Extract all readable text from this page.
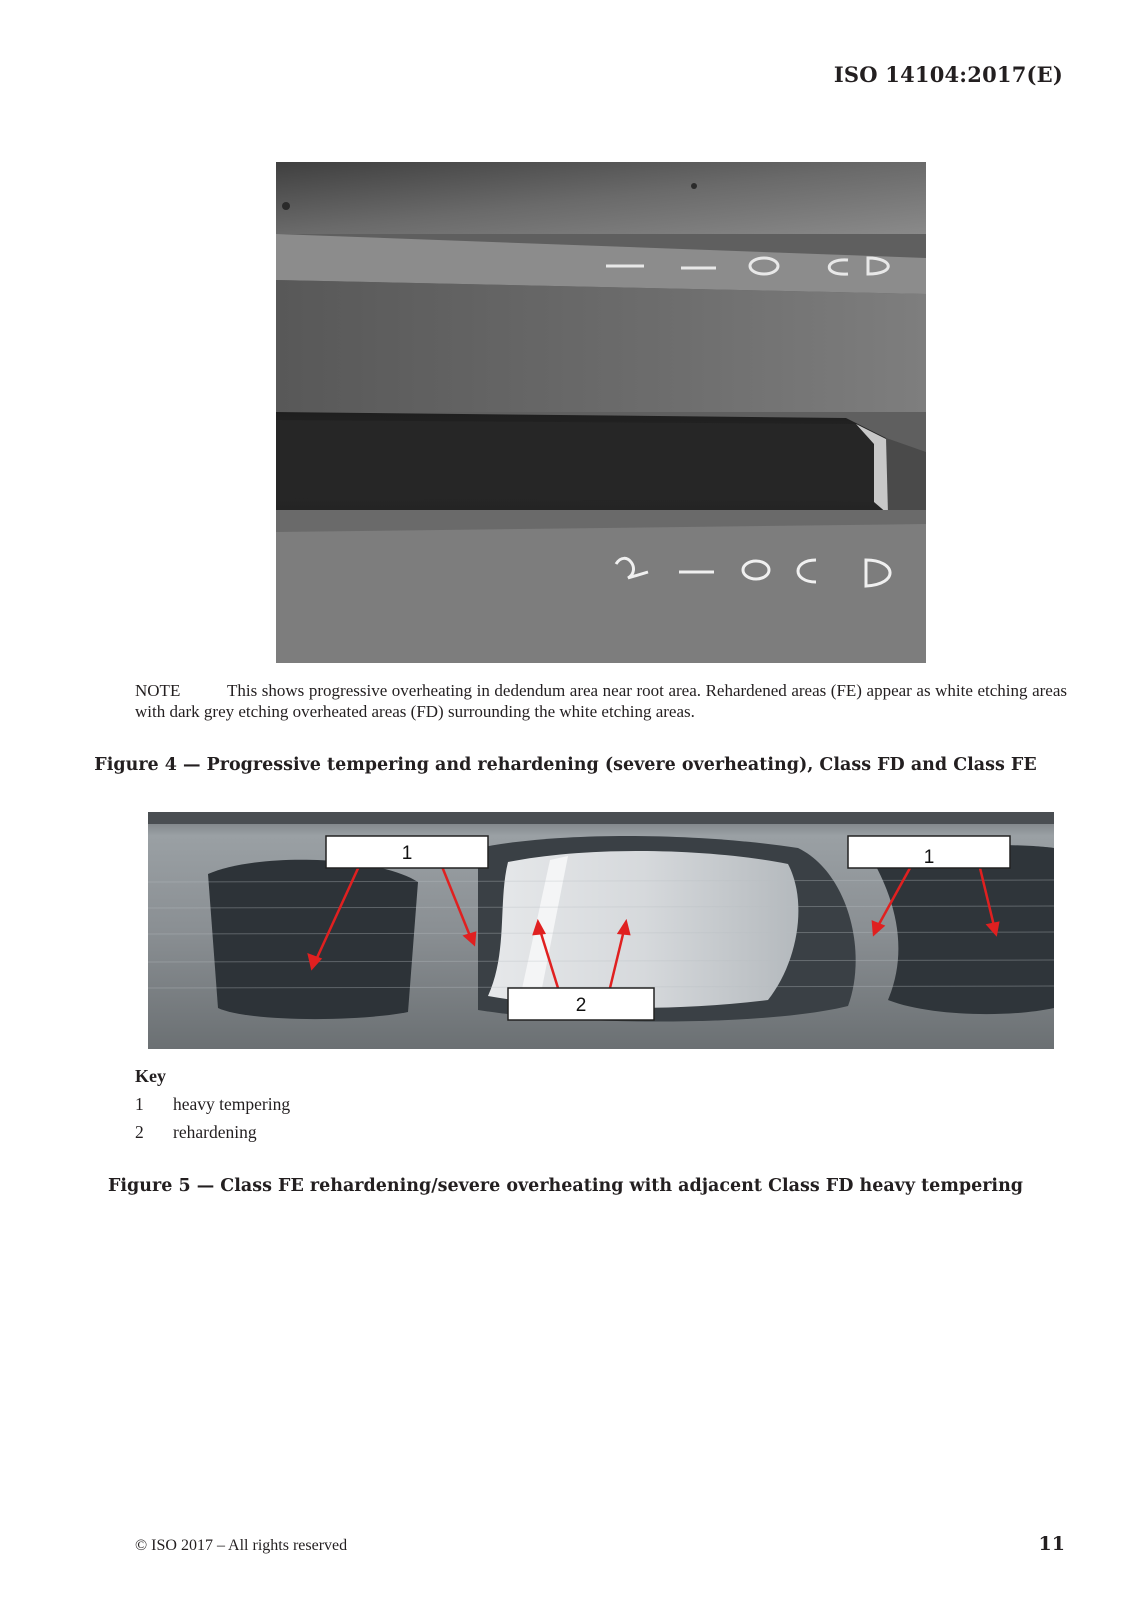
ISO 14104:2017(E)
NOTE	This shows progressive overheating in dedendum area near root area. Rehardened areas (FE) appear as white etching areas with dark grey etching overheated areas (FD) surrounding the white etching areas.
Figure 4 — Progressive tempering and rehardening (severe overheating), Class FD and Class FE
1	1
2
Key
1 heavy tempering
2 rehardening
Figure 5 — Class FE rehardening/severe overheating with adjacent Class FD heavy tempering
© ISO 2017 – All rights reserved	11
